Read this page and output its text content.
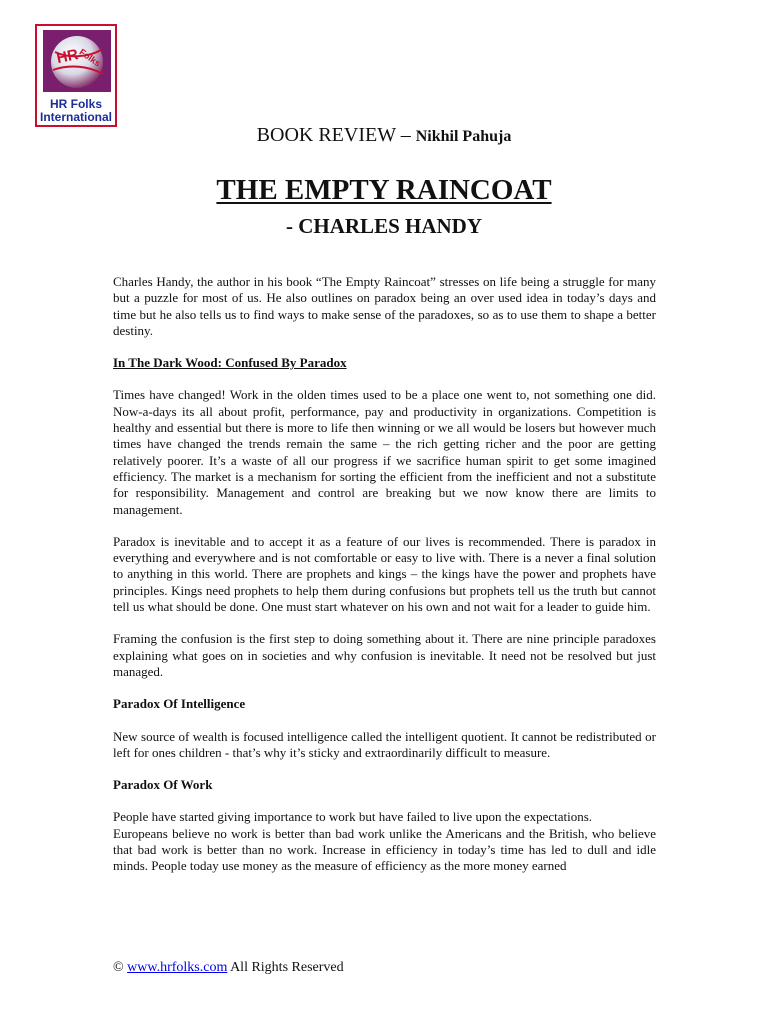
HR
Folks
HR Folks
International
BOOK REVIEW – Nikhil Pahuja
THE EMPTY RAINCOAT
- CHARLES HANDY

Charles Handy, the author in his book “The Empty Raincoat” stresses on life being a struggle for many but a puzzle for most of us. He also outlines on paradox being an over used idea in today’s days and time but he also tells us to find ways to make sense of the paradoxes, so as to use them to shape a better destiny.

In The Dark Wood: Confused By Paradox

Times have changed! Work in the olden times used to be a place one went to, not something one did. Now-a-days its all about profit, performance, pay and productivity in organizations. Competition is healthy and essential but there is more to life then winning or we all would be losers but however much times have changed the trends remain the same – the rich getting richer and the poor are getting relatively poorer. It’s a waste of all our progress if we sacrifice human spirit to get some imagined efficiency. The market is a mechanism for sorting the efficient from the inefficient and not a substitute for responsibility. Management and control are breaking but we now know there are limits to management.

Paradox is inevitable and to accept it as a feature of our lives is recommended. There is paradox in everything and everywhere and is not comfortable or easy to live with. There is a never a final solution to anything in this world. There are prophets and kings – the kings have the power and prophets have principles. Kings need prophets to help them during confusions but prophets tell us the truth but cannot tell us what should be done. One must start whatever on his own and not wait for a leader to guide him.

Framing the confusion is the first step to doing something about it. There are nine principle paradoxes explaining what goes on in societies and why confusion is inevitable. It need not be resolved but just managed.

Paradox Of Intelligence

New source of wealth is focused intelligence called the intelligent quotient. It cannot be redistributed or left for ones children - that’s why it’s sticky and extraordinarily difficult to measure.

Paradox Of Work

People have started giving importance to work but have failed to live upon the expectations.

Europeans believe no work is better than bad work unlike the Americans and the British, who believe that bad work is better than no work. Increase in efficiency in today’s time has led to dull and idle minds. People today use money as the measure of efficiency as the more money earned

© www.hrfolks.com All Rights Reserved
